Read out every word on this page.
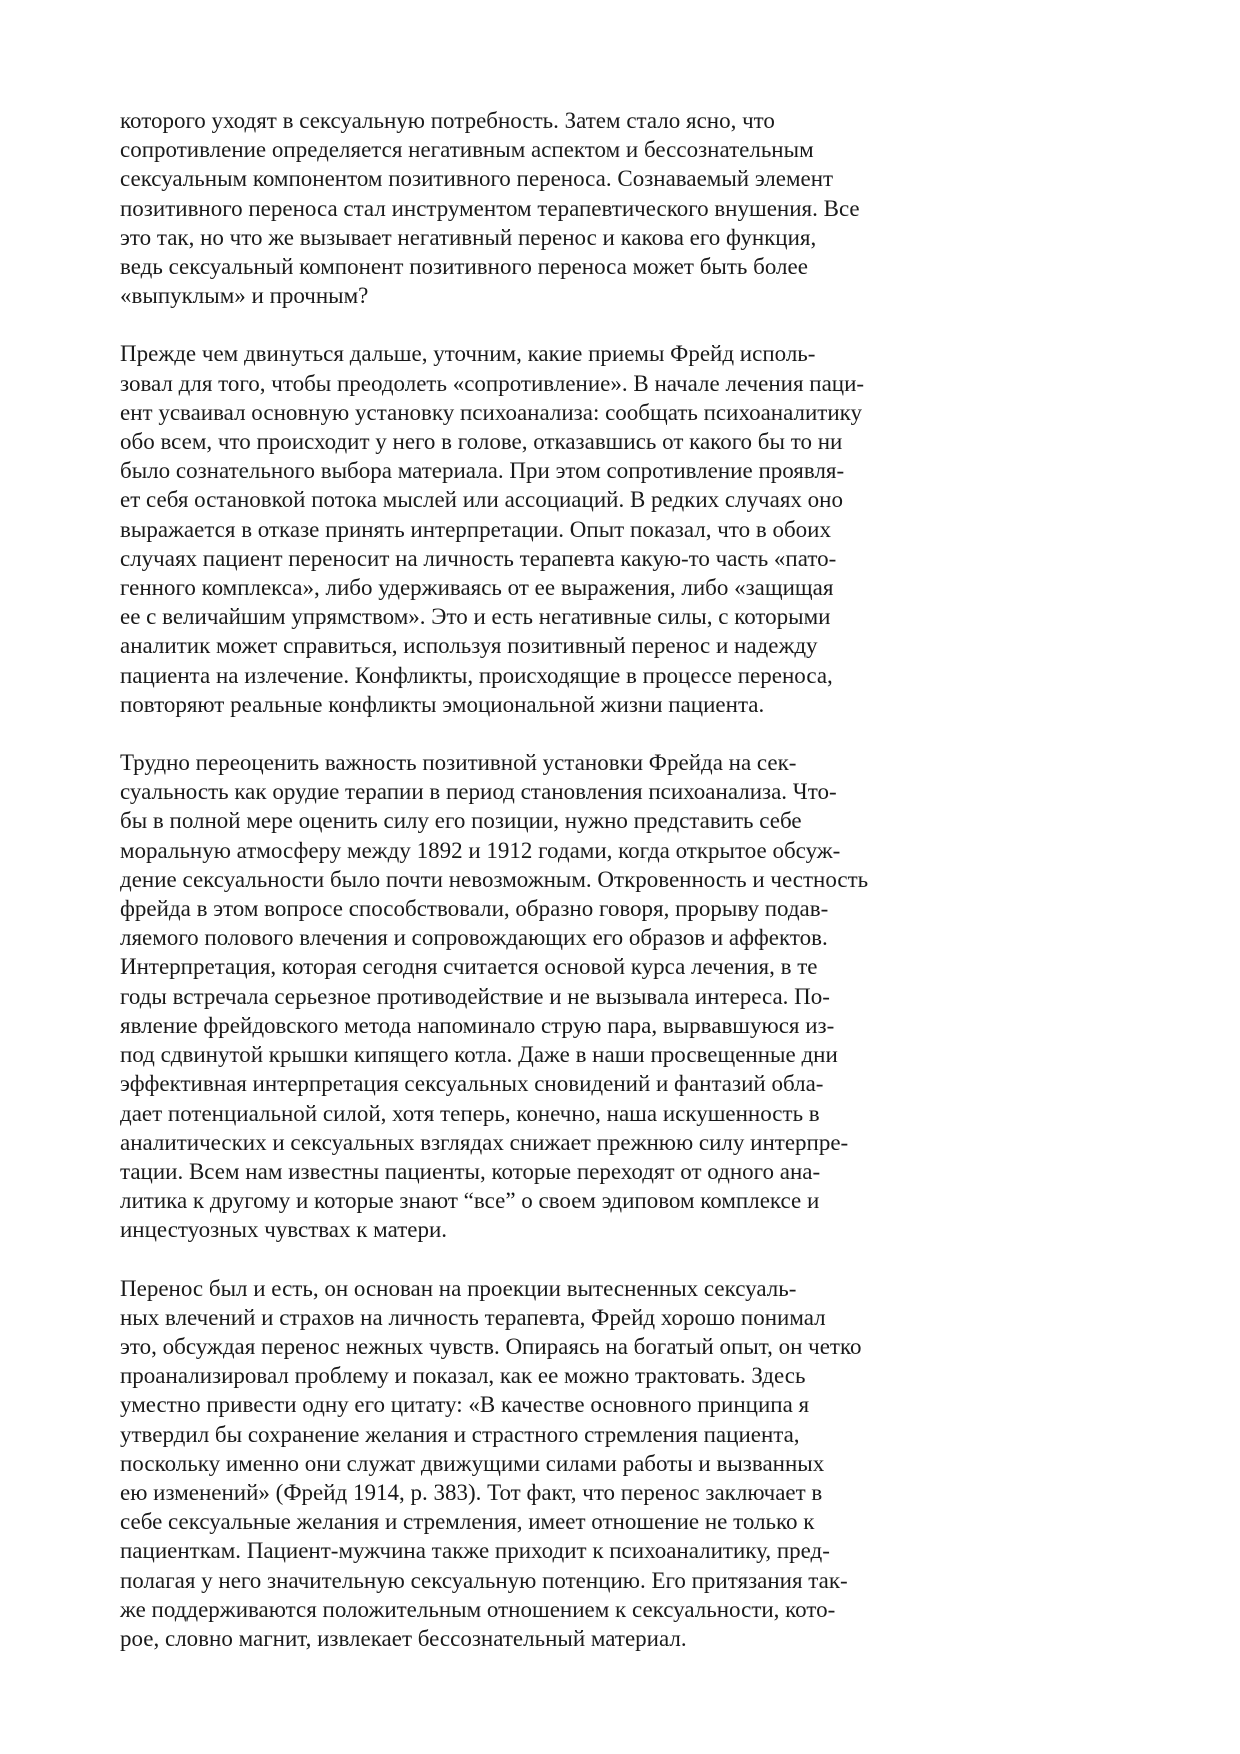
которого уходят в сексуальную потребность. Затем стало ясно, что
сопротивление определяется негативным аспектом и бессознательным
сексуальным компонентом позитивного переноса. Сознаваемый элемент
позитивного переноса стал инструментом терапевтического внушения. Все
это так, но что же вызывает негативный перенос и какова его функция,
ведь сексуальный компонент позитивного переноса может быть более
«выпуклым» и прочным?

Прежде чем двинуться дальше, уточним, какие приемы Фрейд исполь-
зовал для того, чтобы преодолеть «сопротивление». В начале лечения паци-
ент усваивал основную установку психоанализа: сообщать психоаналитику
обо всем, что происходит у него в голове, отказавшись от какого бы то ни
было сознательного выбора материала. При этом сопротивление проявля-
ет себя остановкой потока мыслей или ассоциаций. В редких случаях оно
выражается в отказе принять интерпретации. Опыт показал, что в обоих
случаях пациент переносит на личность терапевта какую-то часть «пато-
генного комплекса», либо удерживаясь от ее выражения, либо «защищая
ее с величайшим упрямством». Это и есть негативные силы, с которыми
аналитик может справиться, используя позитивный перенос и надежду
пациента на излечение. Конфликты, происходящие в процессе переноса,
повторяют реальные конфликты эмоциональной жизни пациента.

Трудно переоценить важность позитивной установки Фрейда на сек-
суальность как орудие терапии в период становления психоанализа. Что-
бы в полной мере оценить силу его позиции, нужно представить себе
моральную атмосферу между 1892 и 1912 годами, когда открытое обсуж-
дение сексуальности было почти невозможным. Откровенность и честность
фрейда в этом вопросе способствовали, образно говоря, прорыву подав-
ляемого полового влечения и сопровождающих его образов и аффектов.
Интерпретация, которая сегодня считается основой курса лечения, в те
годы встречала серьезное противодействие и не вызывала интереса. По-
явление фрейдовского метода напоминало струю пара, вырвавшуюся из-
под сдвинутой крышки кипящего котла. Даже в наши просвещенные дни
эффективная интерпретация сексуальных сновидений и фантазий обла-
дает потенциальной силой, хотя теперь, конечно, наша искушенность в
аналитических и сексуальных взглядах снижает прежнюю силу интерпре-
тации. Всем нам известны пациенты, которые переходят от одного ана-
литика к другому и которые знают “все” о своем эдиповом комплексе и
инцестуозных чувствах к матери.

Перенос был и есть, он основан на проекции вытесненных сексуаль-
ных влечений и страхов на личность терапевта, Фрейд хорошо понимал
это, обсуждая перенос нежных чувств. Опираясь на богатый опыт, он четко
проанализировал проблему и показал, как ее можно трактовать. Здесь
уместно привести одну его цитату: «В качестве основного принципа я
утвердил бы сохранение желания и страстного стремления пациента,
поскольку именно они служат движущими силами работы и вызванных
ею изменений» (Фрейд 1914, р. 383). Тот факт, что перенос заключает в
себе сексуальные желания и стремления, имеет отношение не только к
пациенткам. Пациент-мужчина также приходит к психоаналитику, пред-
полагая у него значительную сексуальную потенцию. Его притязания так-
же поддерживаются положительным отношением к сексуальности, кото-
рое, словно магнит, извлекает бессознательный материал.
